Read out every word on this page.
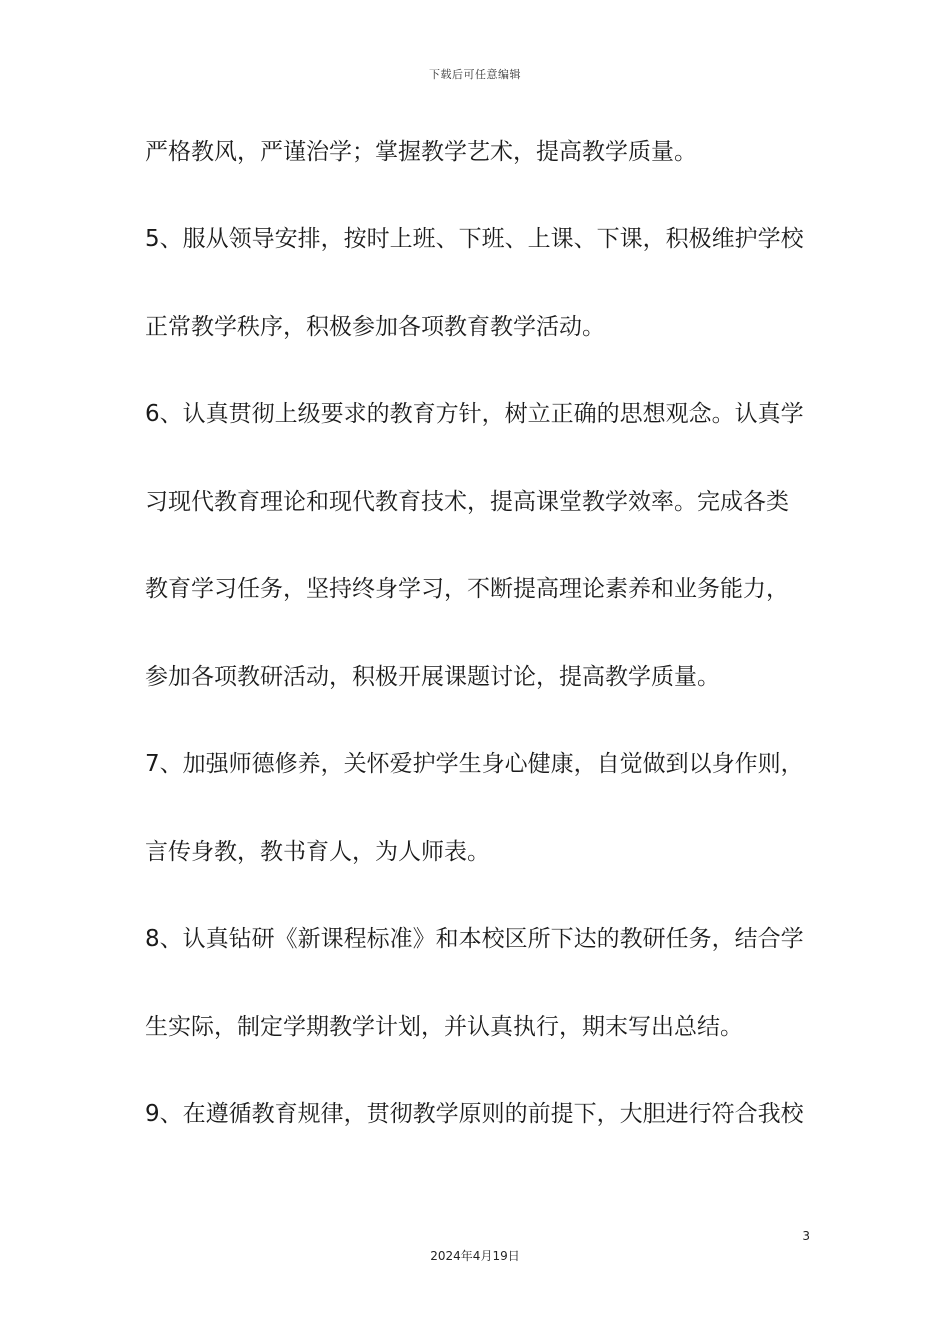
下载后可任意编辑
严格教风，严谨治学；掌握教学艺术，提高教学质量。
5、服从领导安排，按时上班、下班、上课、下课，积极维护学校
正常教学秩序，积极参加各项教育教学活动。
6、认真贯彻上级要求的教育方针，树立正确的思想观念。认真学
习现代教育理论和现代教育技术，提高课堂教学效率。完成各类
教育学习任务，坚持终身学习，不断提高理论素养和业务能力，
参加各项教研活动，积极开展课题讨论，提高教学质量。
7、加强师德修养，关怀爱护学生身心健康，自觉做到以身作则，
言传身教，教书育人，为人师表。
8、认真钻研《新课程标准》和本校区所下达的教研任务，结合学
生实际，制定学期教学计划，并认真执行，期末写出总结。
9、在遵循教育规律，贯彻教学原则的前提下，大胆进行符合我校
3
2024年4月19日
